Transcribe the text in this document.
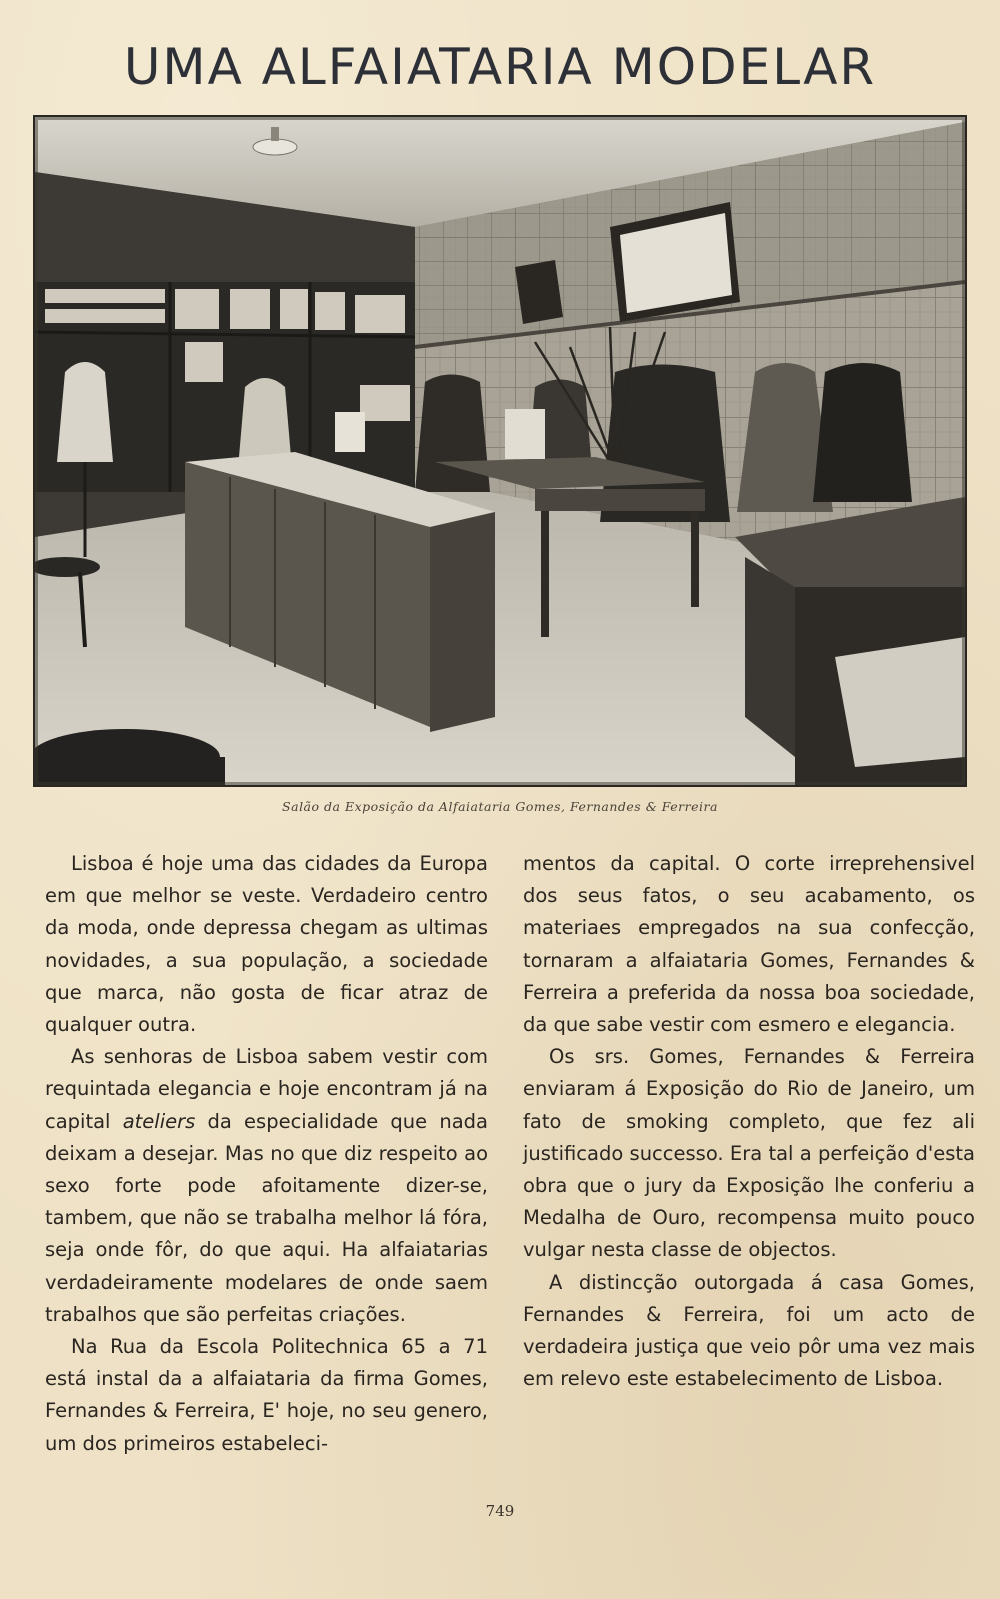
UMA ALFAIATARIA MODELAR
Salão da Exposição da Alfaiataria Gomes, Fernandes & Ferreira

Lisboa é hoje uma das cidades da Europa em que melhor se veste. Verdadeiro centro da moda, onde depressa chegam as ultimas novidades, a sua população, a sociedade que marca, não gosta de ficar atraz de qualquer outra.

As senhoras de Lisboa sabem vestir com requintada elegancia e hoje encontram já na capital ateliers da especialidade que nada deixam a desejar. Mas no que diz respeito ao sexo forte pode afoitamente dizer-se, tambem, que não se trabalha melhor lá fóra, seja onde fôr, do que aqui. Ha alfaiatarias verdadeiramente modelares de onde saem trabalhos que são perfeitas criações.

Na Rua da Escola Politechnica 65 a 71 está instal da a alfaiataria da firma Gomes, Fernandes & Ferreira, E' hoje, no seu genero, um dos primeiros estabeleci-

mentos da capital. O corte irreprehensivel dos seus fatos, o seu acabamento, os materiaes empregados na sua confecção, tornaram a alfaiataria Gomes, Fernandes & Ferreira a preferida da nossa boa sociedade, da que sabe vestir com esmero e elegancia.

Os srs. Gomes, Fernandes & Ferreira enviaram á Exposição do Rio de Janeiro, um fato de smoking completo, que fez ali justificado successo. Era tal a perfeição d'esta obra que o jury da Exposição lhe conferiu a Medalha de Ouro, recompensa muito pouco vulgar nesta classe de objectos.

A distincção outorgada á casa Gomes, Fernandes & Ferreira, foi um acto de verdadeira justiça que veio pôr uma vez mais em relevo este estabelecimento de Lisboa.

749
